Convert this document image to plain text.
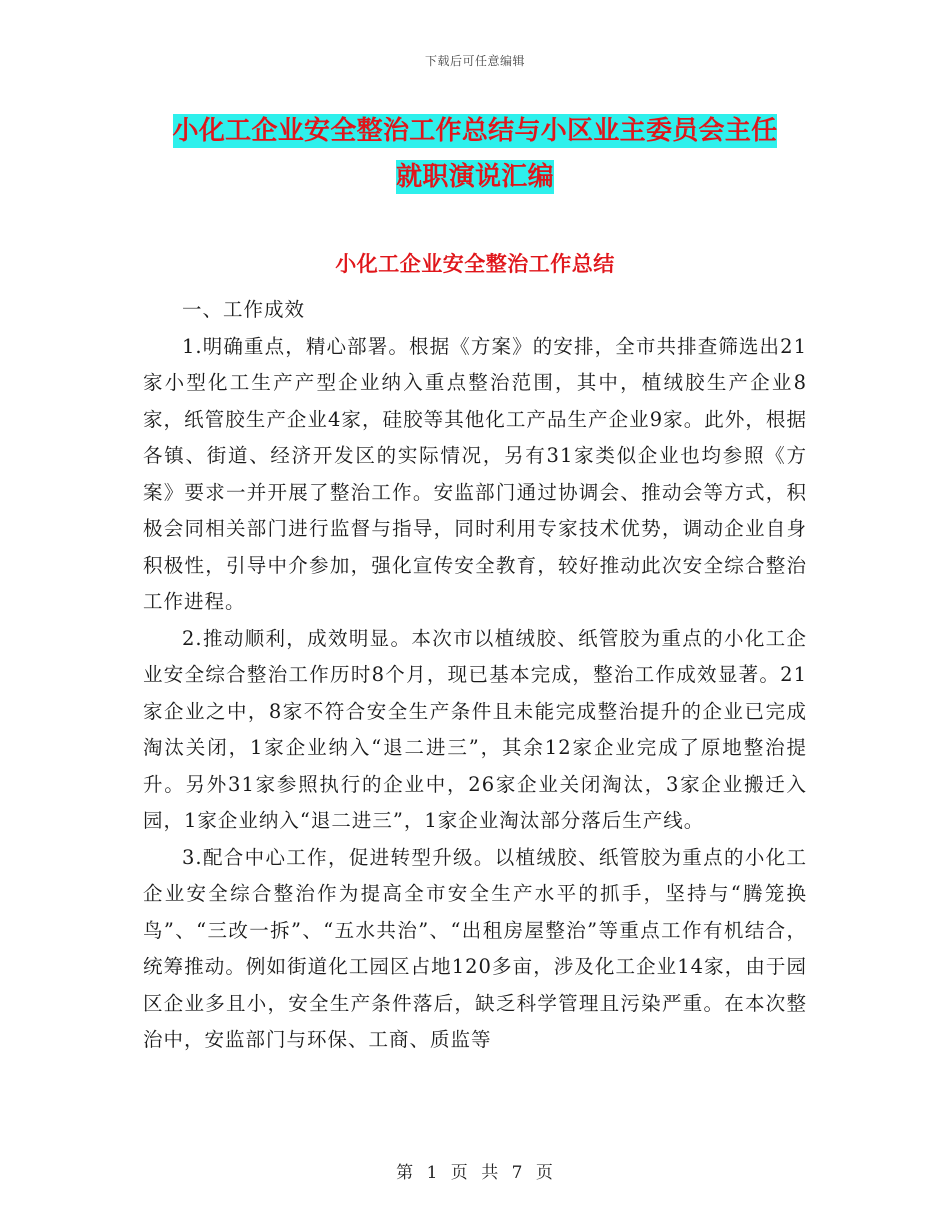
下载后可任意编辑
小化工企业安全整治工作总结与小区业主委员会主任
就职演说汇编
小化工企业安全整治工作总结

一、工作成效

1.明确重点，精心部署。根据《方案》的安排，全市共排查筛选出21家小型化工生产产型企业纳入重点整治范围，其中，植绒胶生产企业8家，纸管胶生产企业4家，硅胶等其他化工产品生产企业9家。此外，根据各镇、街道、经济开发区的实际情况，另有31家类似企业也均参照《方案》要求一并开展了整治工作。安监部门通过协调会、推动会等方式，积极会同相关部门进行监督与指导，同时利用专家技术优势，调动企业自身积极性，引导中介参加，强化宣传安全教育，较好推动此次安全综合整治工作进程。

2.推动顺利，成效明显。本次市以植绒胶、纸管胶为重点的小化工企业安全综合整治工作历时8个月，现已基本完成，整治工作成效显著。21家企业之中，8家不符合安全生产条件且未能完成整治提升的企业已完成淘汰关闭，1家企业纳入“退二进三”，其余12家企业完成了原地整治提升。另外31家参照执行的企业中，26家企业关闭淘汰，3家企业搬迁入园，1家企业纳入“退二进三”，1家企业淘汰部分落后生产线。

3.配合中心工作，促进转型升级。以植绒胶、纸管胶为重点的小化工企业安全综合整治作为提高全市安全生产水平的抓手，坚持与“腾笼换鸟”、“三改一拆”、“五水共治”、“出租房屋整治”等重点工作有机结合，统筹推动。例如街道化工园区占地120多亩，涉及化工企业14家，由于园区企业多且小，安全生产条件落后，缺乏科学管理且污染严重。在本次整治中，安监部门与环保、工商、质监等

第 1 页 共 7 页
